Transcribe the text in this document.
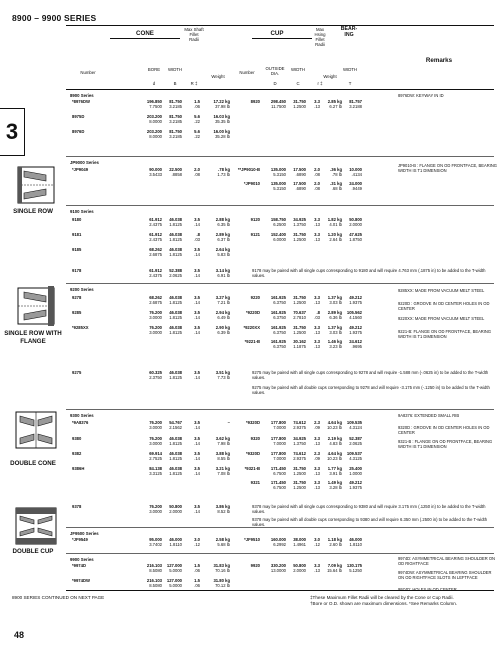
8900 – 9900 SERIES
3
CONE	CUP
BEAR-ING
Remarks
Max Shaft Fillet Radii
Max Hsing Fillet Radii
Number
BORE
d
WIDTH
B	R ‡
Weight
Number
OUTSIDE DIA.
D
WIDTH
C	r ‡
Weight
WIDTH
T
8900 Series
JP9000 Series
9100 Series
9200 Series
9300 Series
JF9500 Series
9900 Series
*8976DW	196.850	81.750	1.5	17.22 kg	8920	298.450	31.750	3.3	2.85 kg	81.757
7.7500	3.2185	.06	37.98 lb	11.7500	1.2500	.13	6.27 lb	3.2188
8975D	203.200	81.750	5.6	16.03 kg
8.0000	3.2185	.22	35.35 lb
8976D	203.200	81.750	5.6	16.00 kg
8.0000	3.2185	.22	35.28 lb
*JP9049	90.000	22.500	2.0	.78 kg	**JP9010-B	135.000	17.500	2.0	.36 kg	10.000
3.5433	.8858	.08	1.73 lb	5.3150	.6890	.08	.78 lb	.4134
*JP9010	135.000	17.500	2.0	.31 kg	24.000
5.3150	.6890	.08	.68 lb	.9449
9180	61.912	46.038	3.5	2.88 kg	9120	158.750	34.925	3.3	1.82 kg	50.800
2.4375	1.8125	.14	6.35 lb	6.2500	1.3750	.13	4.01 lb	2.0000
9181	61.912	46.038	.8	2.89 kg	9121	152.400	31.750	3.3	1.20 kg	47.625
2.4375	1.8125	.03	6.37 lb	6.0000	1.2500	.13	2.64 lb	1.8750
9185	68.262	46.038	3.5	2.64 kg
2.6875	1.8125	.14	5.83 lb
9178	61.912	52.388	3.5	3.14 kg
2.4375	2.0625	.14	6.91 lb
9278	68.262	46.038	3.5	3.27 kg	9220	161.925	31.750	3.3	1.37 kg	49.212
2.6875	1.8125	.14	7.21 lb	6.3750	1.2500	.13	3.03 lb	1.9375
9285	76.200	46.038	3.5	2.94 kg	*9220D	161.925	70.637	.8	2.89 kg	105.562
3.0000	1.8125	.14	6.49 lb	6.3750	2.7810	.03	6.36 lb	4.1560
*9285XX	76.200	46.038	3.5	2.90 kg	*9220XX	161.925	31.750	3.3	1.37 kg	49.212
3.0000	1.8125	.14	6.39 lb	6.3750	1.2500	.13	3.03 lb	1.9375
*9221-B	161.925	30.162	3.3	1.46 kg	24.612
6.3750	1.1875	.13	3.23 lb	.9695
9275	60.325	46.038	3.5	3.51 kg
2.3750	1.8125	.14	7.73 lb
*9A8376	76.200	54.767	3.5	–	*9320D	177.800	74.612	2.3	4.64 kg	109.535
3.0000	2.1562	.14	7.0000	2.9375	.09	10.23 lb	4.3124
9380	76.200	46.038	3.5	3.62 kg	9320	177.800	34.925	3.3	2.19 kg	52.387
3.0000	1.8125	.14	7.98 lb	7.0000	1.3750	.13	4.83 lb	2.0625
9382	69.914	46.038	3.5	3.88 kg	*9320D	177.800	74.612	2.3	4.64 kg	109.537
2.7525	1.8125	.14	8.55 lb	7.0000	2.9375	.09	10.23 lb	4.3125
9386H	84.138	46.038	3.5	3.21 kg	*9321-B	171.450	31.750	3.3	1.77 kg	25.400
3.3125	1.8125	.14	7.08 lb	6.7500	1.2500	.13	3.91 lb	1.0000
9321	171.450	31.750	3.3	1.49 kg	49.212
6.7500	1.2500	.13	3.28 lb	1.9375
9378	76.200	50.800	3.5	3.86 kg
3.0000	2.0000	.14	8.52 lb
*JF9549	95.000	46.000	3.0	2.58 kg	*JF9510	160.000	38.000	3.0	1.18 kg	46.000
3.7402	1.8110	.12	5.68 lb	6.2992	1.4961	.12	2.60 lb	1.8110
*9974D	216.103	127.000	1.5	31.83 kg	9920	330.200	50.800	3.3	7.09 kg	130.175
8.5080	5.0000	.06	70.16 lb	13.0000	2.0000	.13	15.64 lb	5.1250
*9974DW	216.103	127.000	1.5	31.80 kg
8.5080	5.0000	.06	70.12 lb
9178 may be paired with all single cups corresponding to 9180 and will require 4.763 mm (.1875 in) to be added to the T-width values.
9275 may be paired with all single cups corresponding to 9278 and will require -1.588 mm (-.0625 in) to be added to the T-width values.
9275 may be paired with all double cups corresponding to 9278 and will require -3.175 mm (-.1250 in) to be added to the T-width values.
9378 may be paired with all single cups corresponding to 9380 and will require 3.175 mm (.1250 in) to be added to the T-width values.
9378 may be paired with all double cups corresponding to 9380 and will require 6.350 mm (.2500 in) to be added to the T-width values.
8976DW: KEYWAY IN ID
JP9010-B : FLANGE ON OD FRONTFACE, BEARING WIDTH IS T1 DIMENSION
9285XX: MADE FROM VACUUM MELT STEEL
9220D : GROOVE IN OD CENTER HOLES IN OD CENTER
9220XX: MADE FROM VACUUM MELT STEEL
9221-B: FLANGE ON OD FRONTFACE, BEARING WIDTH IS T1 DIMENSION
9A8376: EXTENDED SMALL RIB
9320D : GROOVE IN OD CENTER HOLES IN OD CENTER
9321-B : FLANGE ON OD FRONTFACE, BEARING WIDTH IS T1 DIMENSION
9974D: ASYMMETRICAL BEARING SHOULDER ON OD RIGHTFACE
9974DW: ASYMMETRICAL BEARING SHOULDER ON OD RIGHTFACE SLOTS IN LEFTFACE
9974D: HOLES IN OD CENTER
SINGLE ROW
SINGLE ROW WITH FLANGE
DOUBLE CONE
DOUBLE CUP
8900 SERIES CONTINUED ON NEXT PAGE	‡These Maximum Fillet Radii will be cleared by the Cone or Cup Radii.
†Bore or O.D. shown are maximum dimensions. *See Remarks Column.
48
